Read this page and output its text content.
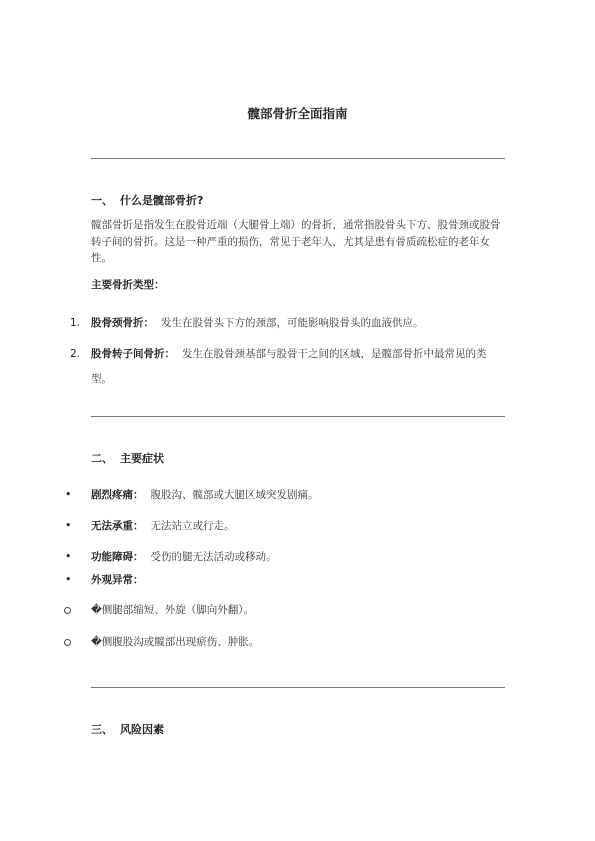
髋部骨折全面指南
一、 什么是髋部骨折?
髋部骨折是指发生在股骨近端（大腿骨上端）的骨折，通常指股骨头下方、股骨颈或股骨转子间的骨折。这是一种严重的损伤，常见于老年人，尤其是患有骨质疏松症的老年女性。
主要骨折类型：
1. 股骨颈骨折： 发生在股骨头下方的颈部，可能影响股骨头的血液供应。
2. 股骨转子间骨折： 发生在股骨颈基部与股骨干之间的区域，是髋部骨折中最常见的类型。
二、 主要症状
• 剧烈疼痛： 腹股沟、髋部或大腿区域突发剧痛。
• 无法承重： 无法站立或行走。
• 功能障碍： 受伤的腿无法活动或移动。
• 外观异常：
�侧腿部缩短、外旋（脚向外翻）。
�侧腹股沟或髋部出现瘀伤、肿胀。
三、 风险因素
